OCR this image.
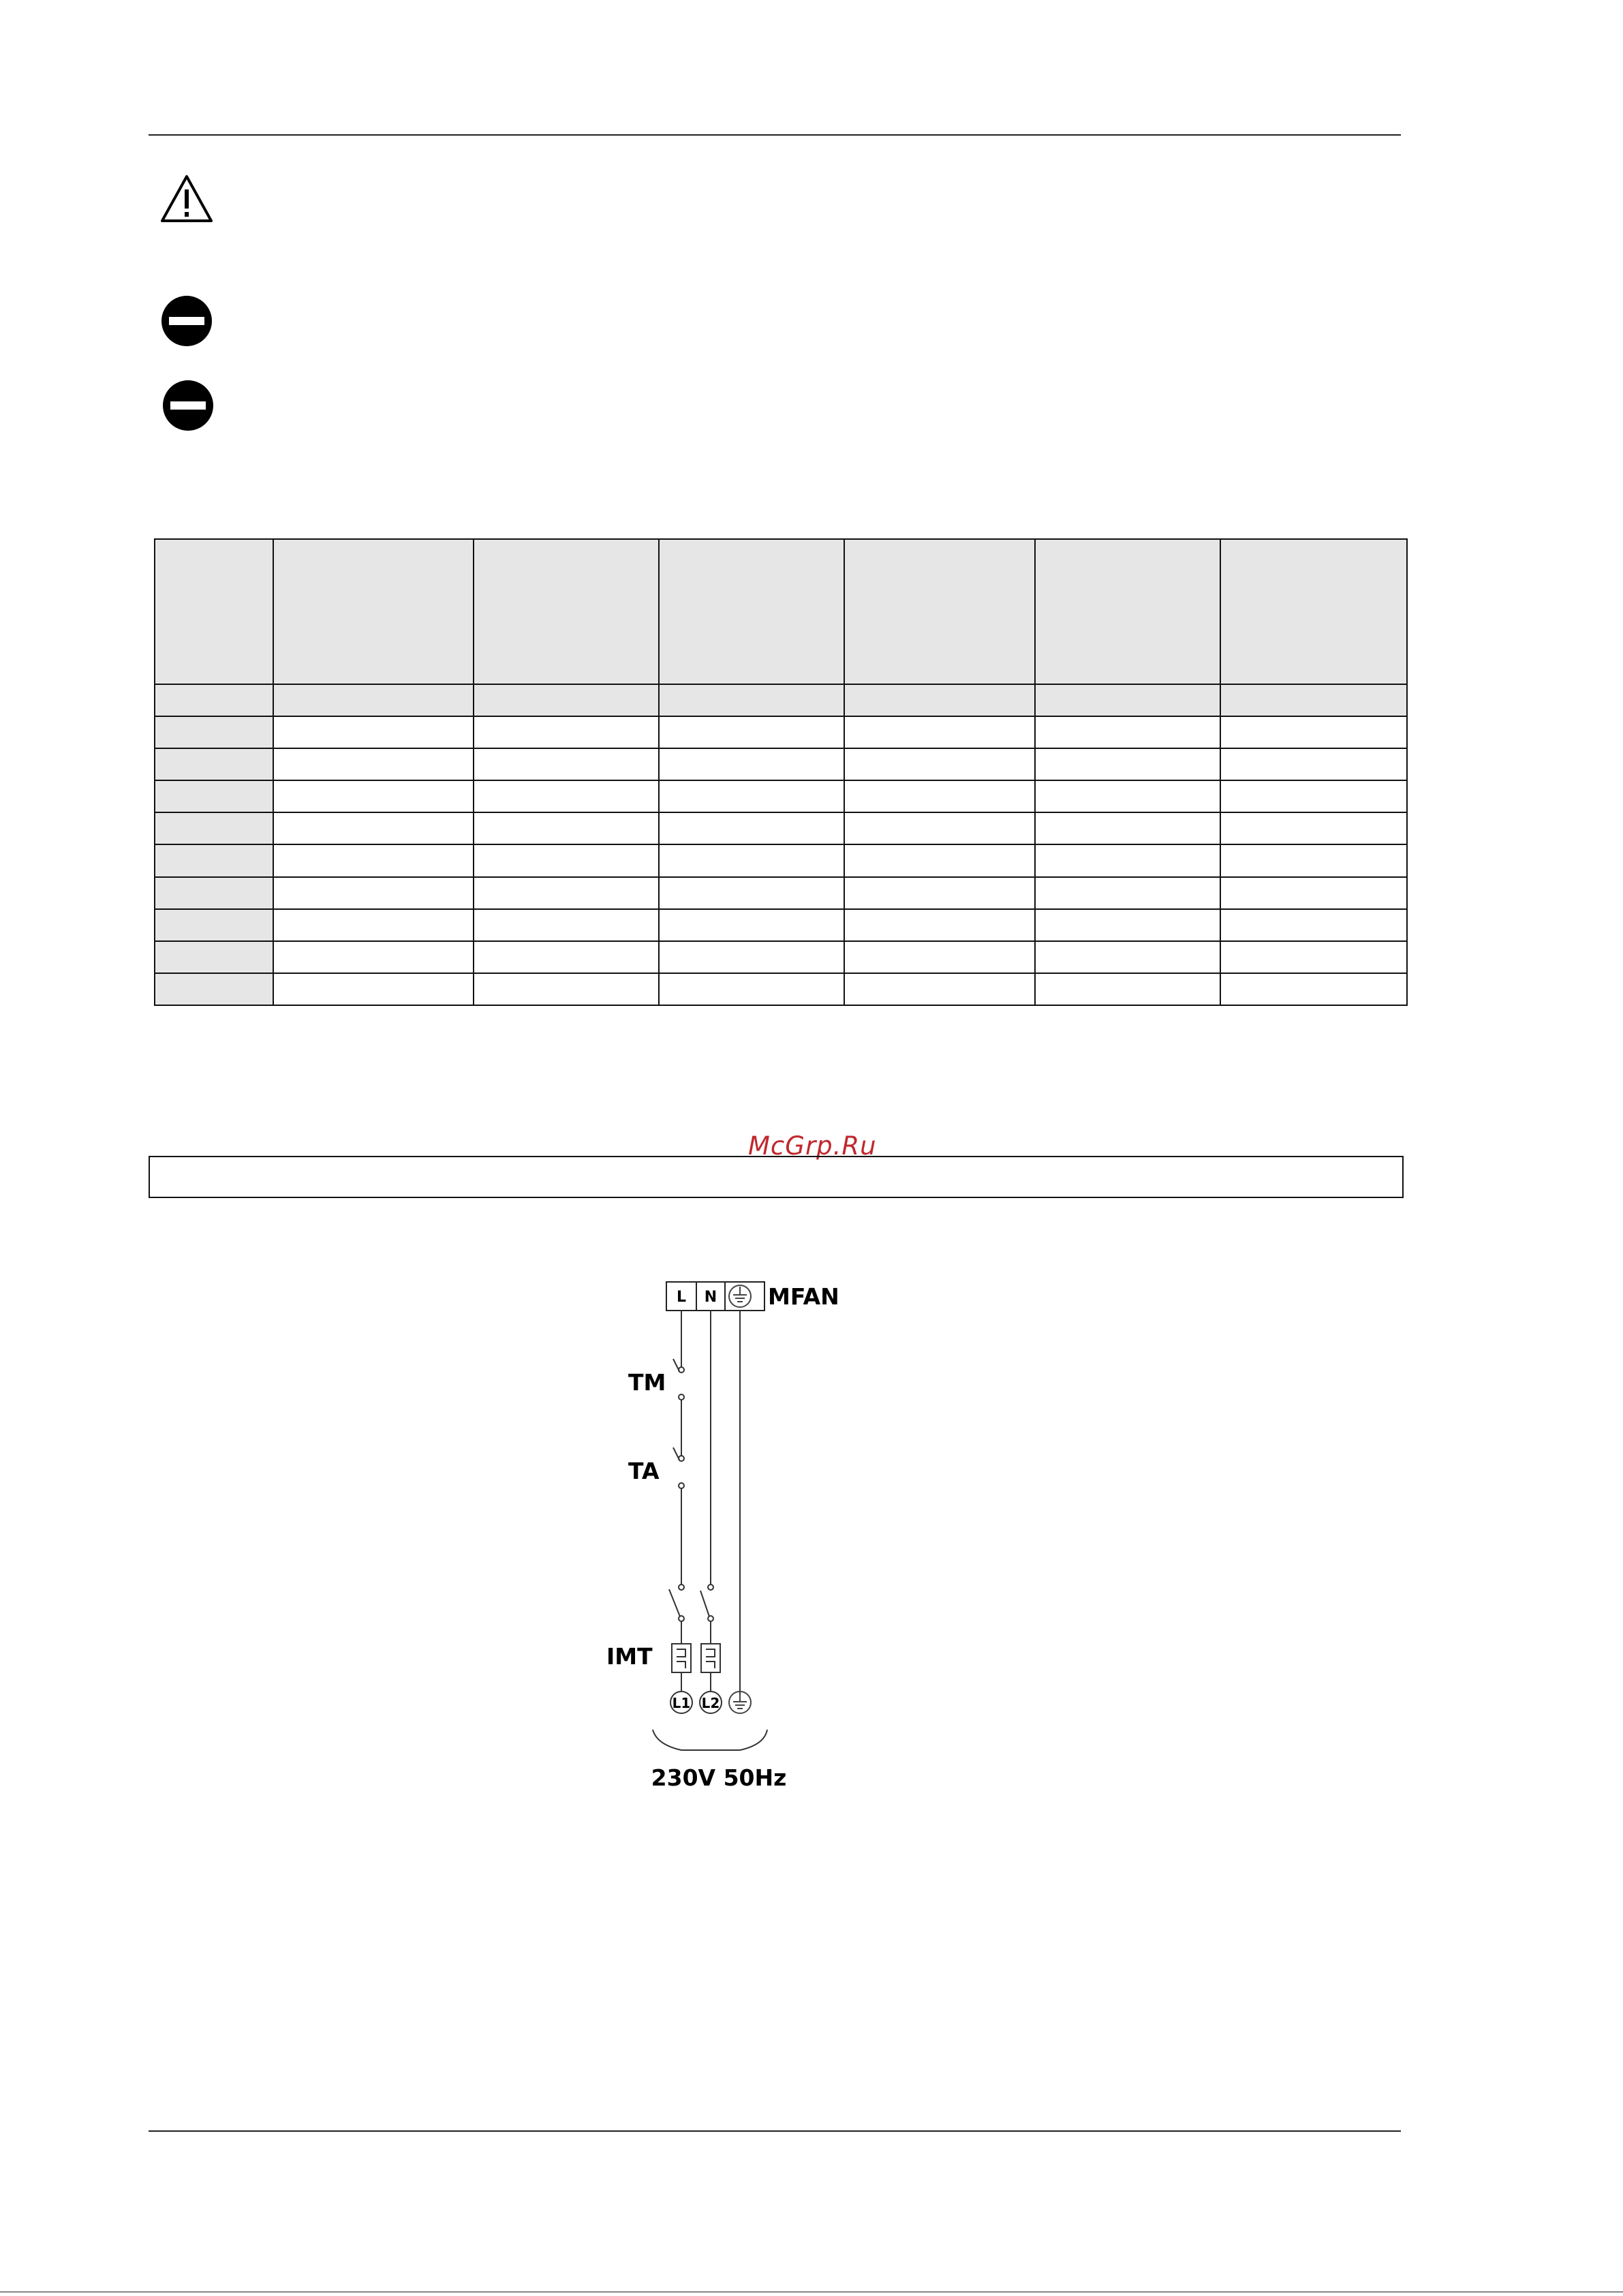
McGrp.Ru
L N MFAN
TM
TA
IMT
L1 L2
230V 50Hz
